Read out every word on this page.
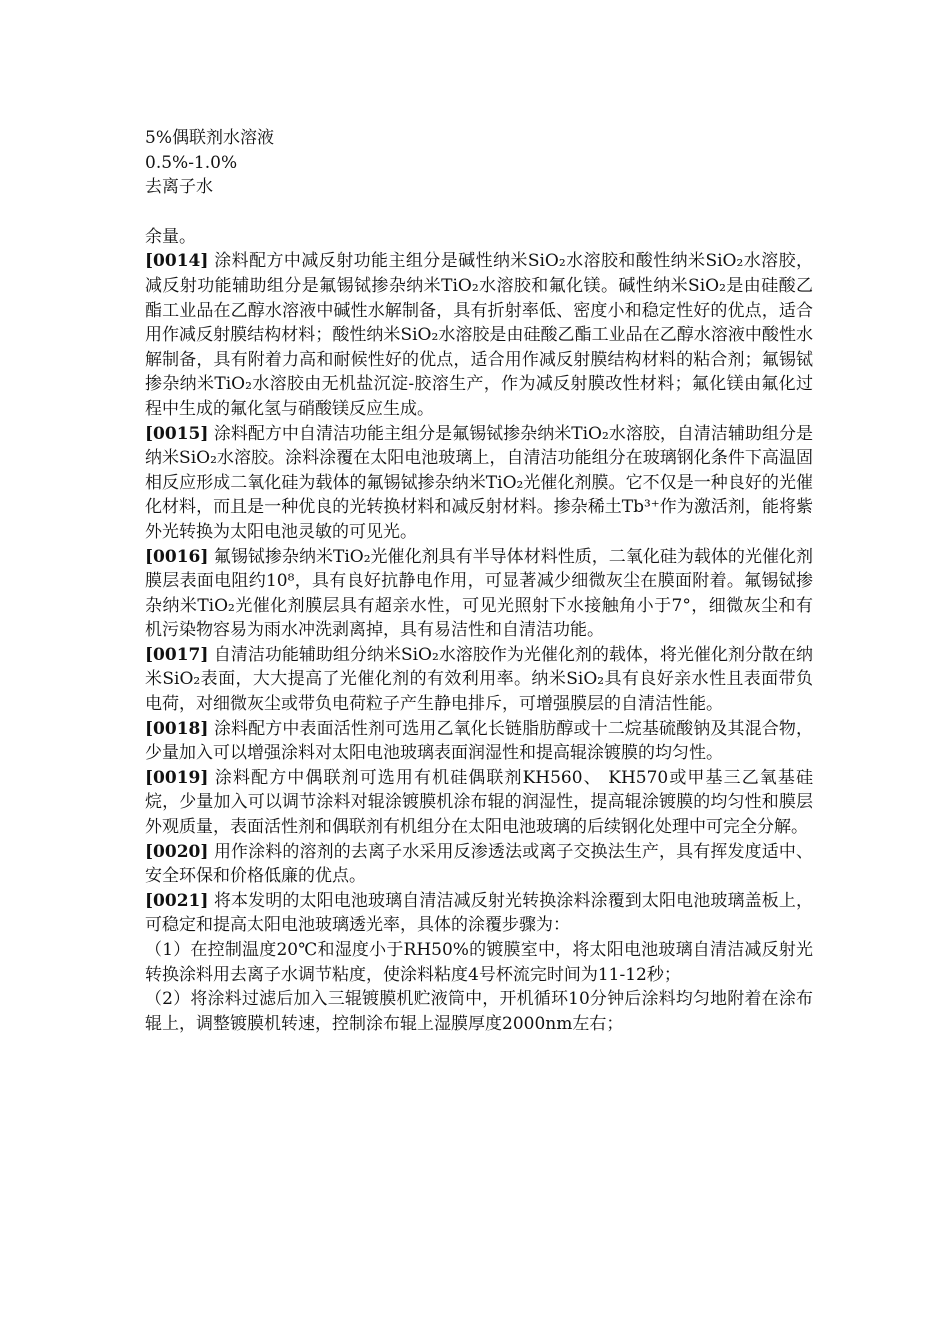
5%偶联剂水溶液
0.5%-1.0%
去离子水
余量。
[0014] 涂料配方中减反射功能主组分是碱性纳米SiO₂水溶胶和酸性纳米SiO₂水溶胶，减反射功能辅助组分是氟锡铽掺杂纳米TiO₂水溶胶和氟化镁。碱性纳米SiO₂是由硅酸乙酯工业品在乙醇水溶液中碱性水解制备，具有折射率低、密度小和稳定性好的优点，适合用作减反射膜结构材料；酸性纳米SiO₂水溶胶是由硅酸乙酯工业品在乙醇水溶液中酸性水解制备，具有附着力高和耐候性好的优点，适合用作减反射膜结构材料的粘合剂；氟锡铽掺杂纳米TiO₂水溶胶由无机盐沉淀-胶溶生产，作为减反射膜改性材料；氟化镁由氟化过程中生成的氟化氢与硝酸镁反应生成。
[0015] 涂料配方中自清洁功能主组分是氟锡铽掺杂纳米TiO₂水溶胶，自清洁辅助组分是纳米SiO₂水溶胶。涂料涂覆在太阳电池玻璃上，自清洁功能组分在玻璃钢化条件下高温固相反应形成二氧化硅为载体的氟锡铽掺杂纳米TiO₂光催化剂膜。它不仅是一种良好的光催化材料，而且是一种优良的光转换材料和减反射材料。掺杂稀土Tb³⁺作为激活剂，能将紫外光转换为太阳电池灵敏的可见光。
[0016] 氟锡铽掺杂纳米TiO₂光催化剂具有半导体材料性质，二氧化硅为载体的光催化剂膜层表面电阻约10⁸，具有良好抗静电作用，可显著减少细微灰尘在膜面附着。氟锡铽掺杂纳米TiO₂光催化剂膜层具有超亲水性，可见光照射下水接触角小于7°，细微灰尘和有机污染物容易为雨水冲洗剥离掉，具有易洁性和自清洁功能。
[0017] 自清洁功能辅助组分纳米SiO₂水溶胶作为光催化剂的载体，将光催化剂分散在纳米SiO₂表面，大大提高了光催化剂的有效利用率。纳米SiO₂具有良好亲水性且表面带负电荷，对细微灰尘或带负电荷粒子产生静电排斥，可增强膜层的自清洁性能。
[0018] 涂料配方中表面活性剂可选用乙氧化长链脂肪醇或十二烷基硫酸钠及其混合物，少量加入可以增强涂料对太阳电池玻璃表面润湿性和提高辊涂镀膜的均匀性。
[0019] 涂料配方中偶联剂可选用有机硅偶联剂KH560、 KH570或甲基三乙氧基硅烷，少量加入可以调节涂料对辊涂镀膜机涂布辊的润湿性，提高辊涂镀膜的均匀性和膜层外观质量，表面活性剂和偶联剂有机组分在太阳电池玻璃的后续钢化处理中可完全分解。
[0020] 用作涂料的溶剂的去离子水采用反渗透法或离子交换法生产，具有挥发度适中、安全环保和价格低廉的优点。
[0021] 将本发明的太阳电池玻璃自清洁减反射光转换涂料涂覆到太阳电池玻璃盖板上，可稳定和提高太阳电池玻璃透光率，具体的涂覆步骤为：
（1）在控制温度20℃和湿度小于RH50%的镀膜室中，将太阳电池玻璃自清洁减反射光转换涂料用去离子水调节粘度，使涂料粘度4号杯流完时间为11-12秒；
（2）将涂料过滤后加入三辊镀膜机贮液筒中，开机循环10分钟后涂料均匀地附着在涂布辊上，调整镀膜机转速，控制涂布辊上湿膜厚度2000nm左右；
